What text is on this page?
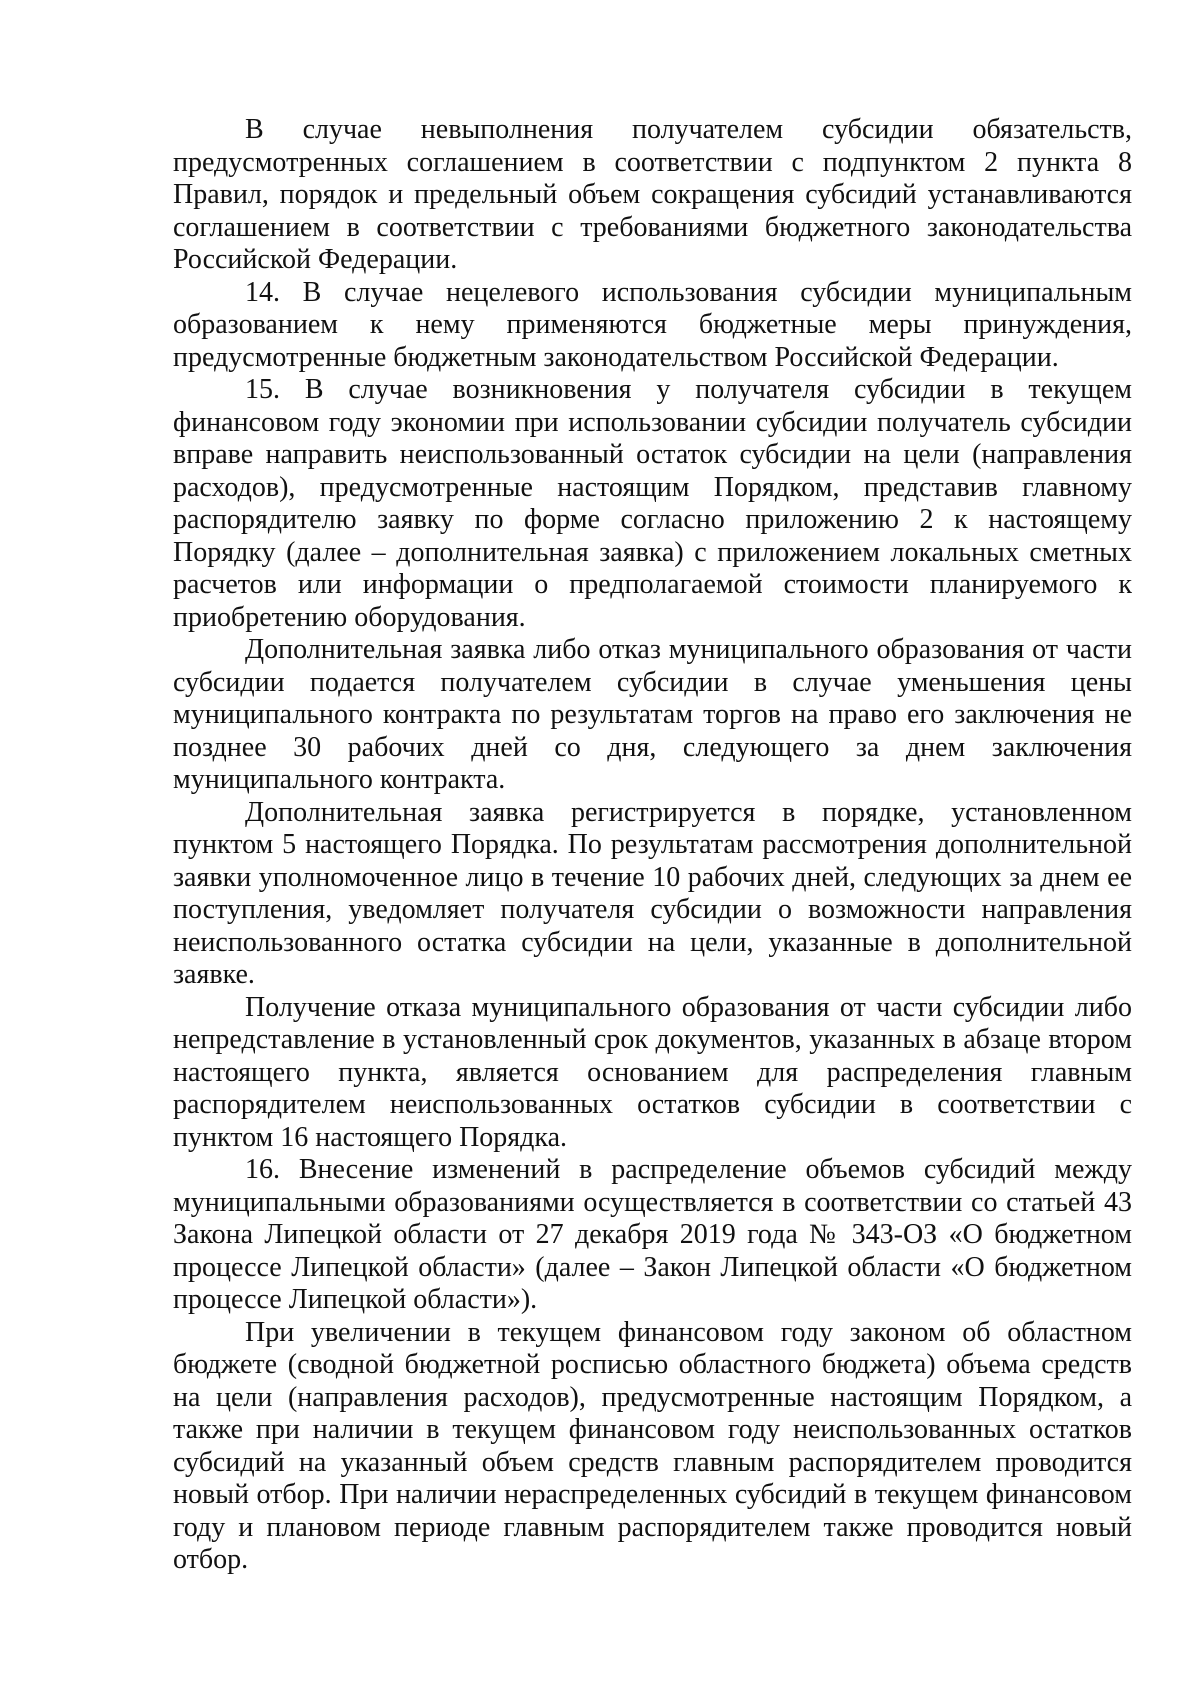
В случае невыполнения получателем субсидии обязательств, предусмотренных соглашением в соответствии с подпунктом 2 пункта 8 Правил, порядок и предельный объем сокращения субсидий устанавливаются соглашением в соответствии с требованиями бюджетного законодательства Российской Федерации.

14. В случае нецелевого использования субсидии муниципальным образованием к нему применяются бюджетные меры принуждения, предусмотренные бюджетным законодательством Российской Федерации.

15. В случае возникновения у получателя субсидии в текущем финансовом году экономии при использовании субсидии получатель субсидии вправе направить неиспользованный остаток субсидии на цели (направления расходов), предусмотренные настоящим Порядком, представив главному распорядителю заявку по форме согласно приложению 2 к настоящему Порядку (далее – дополнительная заявка) с приложением локальных сметных расчетов или информации о предполагаемой стоимости планируемого к приобретению оборудования.

Дополнительная заявка либо отказ муниципального образования от части субсидии подается получателем субсидии в случае уменьшения цены муниципального контракта по результатам торгов на право его заключения не позднее 30 рабочих дней со дня, следующего за днем заключения муниципального контракта.

Дополнительная заявка регистрируется в порядке, установленном пунктом 5 настоящего Порядка. По результатам рассмотрения дополнительной заявки уполномоченное лицо в течение 10 рабочих дней, следующих за днем ее поступления, уведомляет получателя субсидии о возможности направления неиспользованного остатка субсидии на цели, указанные в дополнительной заявке.

Получение отказа муниципального образования от части субсидии либо непредставление в установленный срок документов, указанных в абзаце втором настоящего пункта, является основанием для распределения главным распорядителем неиспользованных остатков субсидии в соответствии с пунктом 16 настоящего Порядка.

16. Внесение изменений в распределение объемов субсидий между муниципальными образованиями осуществляется в соответствии со статьей 43 Закона Липецкой области от 27 декабря 2019 года № 343-ОЗ «О бюджетном процессе Липецкой области» (далее – Закон Липецкой области «О бюджетном процессе Липецкой области»).

При увеличении в текущем финансовом году законом об областном бюджете (сводной бюджетной росписью областного бюджета) объема средств на цели (направления расходов), предусмотренные настоящим Порядком, а также при наличии в текущем финансовом году неиспользованных остатков субсидий на указанный объем средств главным распорядителем проводится новый отбор. При наличии нераспределенных субсидий в текущем финансовом году и плановом периоде главным распорядителем также проводится новый отбор.
